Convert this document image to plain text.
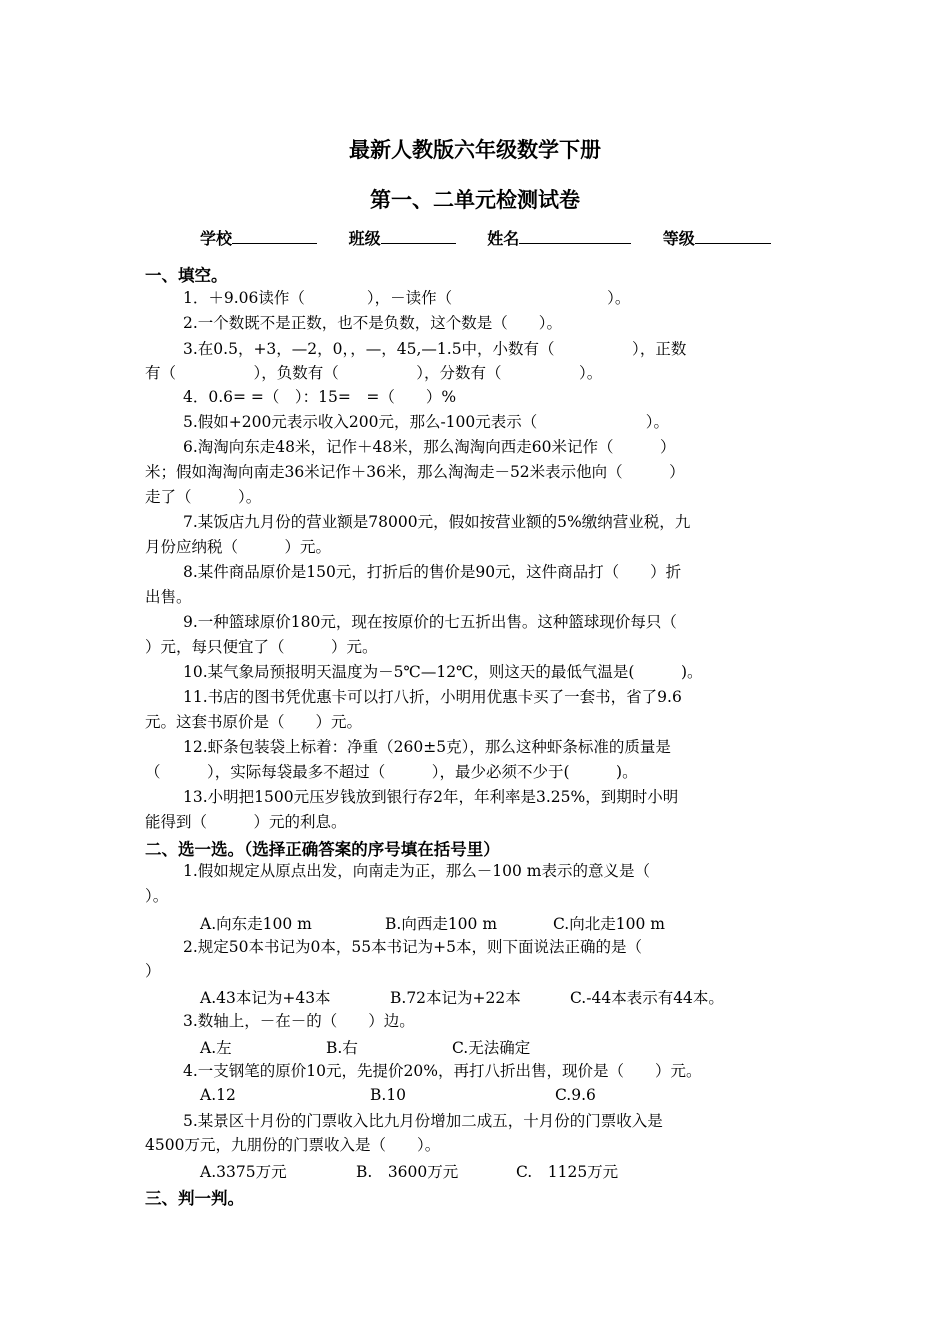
最新人教版六年级数学下册
第一、二单元检测试卷
学校	班级	姓名	等级
一、填空。
1．＋9.06读作（　　　　），－读作（　　　　　　　　　　）。
2.一个数既不是正数，也不是负数，这个数是（　　）。
3.在0.5，+3，—2，0，，—，45,—1.5中，小数有（　　　　　），正数
有（　　　　　），负数有（　　　　　），分数有（　　　　　）。
4．0.6= =（　）：15=　=（　　）%
5.假如+200元表示收入200元，那么-100元表示（　　　　　　　）。
6.淘淘向东走48米，记作＋48米，那么淘淘向西走60米记作（　　　）
米；假如淘淘向南走36米记作＋36米，那么淘淘走－52米表示他向（　　　）
走了（　　　）。
7.某饭店九月份的营业额是78000元，假如按营业额的5%缴纳营业税，九
月份应纳税（　　　）元。
8.某件商品原价是150元，打折后的售价是90元，这件商品打（　　）折
出售。
9.一种篮球原价180元，现在按原价的七五折出售。这种篮球现价每只（
）元，每只便宜了（　　　）元。
10.某气象局预报明天温度为－5℃—12℃，则这天的最低气温是(　　　)。
11.书店的图书凭优惠卡可以打八折，小明用优惠卡买了一套书，省了9.6
元。这套书原价是（　　）元。
12.虾条包装袋上标着：净重（260±5克），那么这种虾条标准的质量是
（　　　），实际每袋最多不超过（　　　），最少必须不少于(　　　)。
13.小明把1500元压岁钱放到银行存2年，年利率是3.25%，到期时小明
能得到（　　　）元的利息。
二、选一选。（选择正确答案的序号填在括号里）
1.假如规定从原点出发，向南走为正，那么－100 m表示的意义是（
）。
A.向东走100 m	B.向西走100 m	C.向北走100 m
2.规定50本书记为0本，55本书记为+5本，则下面说法正确的是（
）
A.43本记为+43本	B.72本记为+22本	C.-44本表示有44本。
3.数轴上，－在－的（　　）边。
A.左	B.右	C.无法确定
4.一支钢笔的原价10元，先提价20%，再打八折出售，现价是（　　）元。
A.12	B.10	C.9.6
5.某景区十月份的门票收入比九月份增加二成五，十月份的门票收入是
4500万元，九朋份的门票收入是（　　）。
A.3375万元	B.　3600万元	C.　1125万元
三、判一判。
